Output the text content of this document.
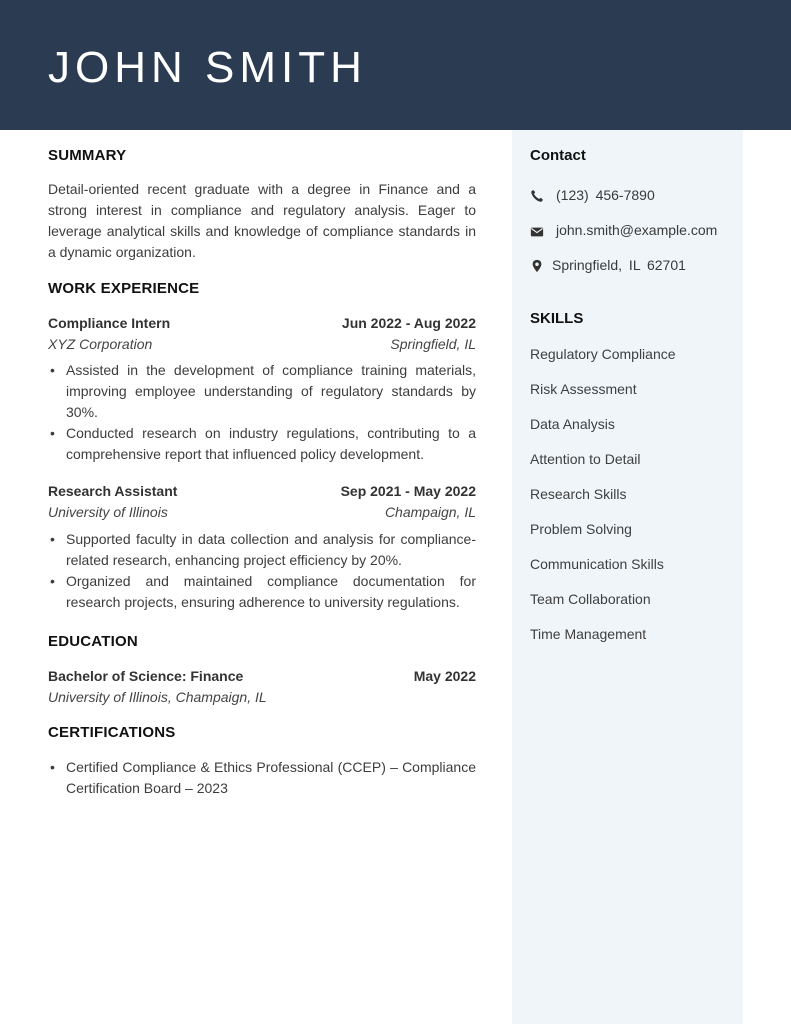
JOHN SMITH
SUMMARY
Detail-oriented recent graduate with a degree in Finance and a strong interest in compliance and regulatory analysis. Eager to leverage analytical skills and knowledge of compliance standards in a dynamic organization.
WORK EXPERIENCE
Compliance Intern	Jun 2022 - Aug 2022
XYZ Corporation	Springfield, IL
• Assisted in the development of compliance training materials, improving employee understanding of regulatory standards by 30%.
• Conducted research on industry regulations, contributing to a comprehensive report that influenced policy development.
Research Assistant	Sep 2021 - May 2022
University of Illinois	Champaign, IL
• Supported faculty in data collection and analysis for compliance-related research, enhancing project efficiency by 20%.
• Organized and maintained compliance documentation for research projects, ensuring adherence to university regulations.
EDUCATION
Bachelor of Science: Finance	May 2022
University of Illinois, Champaign, IL
CERTIFICATIONS
• Certified Compliance & Ethics Professional (CCEP) – Compliance Certification Board – 2023
Contact
(123) 456-7890
john.smith@example.com
Springfield, IL 62701
SKILLS
Regulatory Compliance
Risk Assessment
Data Analysis
Attention to Detail
Research Skills
Problem Solving
Communication Skills
Team Collaboration
Time Management
